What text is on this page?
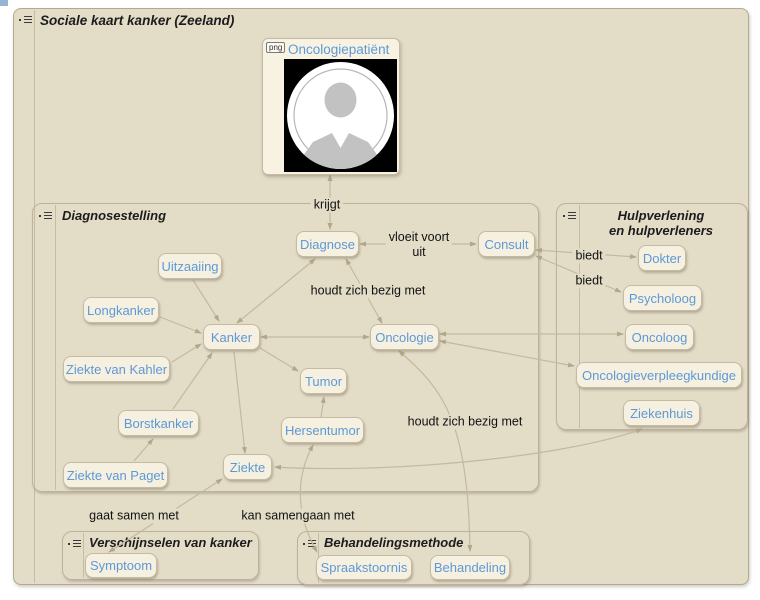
Sociale kaart kanker (Zeeland)
Diagnosestelling	Hulpverlening
en hulpverleners
Verschijnselen van kanker	Behandelingsmethode
png Oncologiepatiënt
Diagnose	Consult
Uitzaaiing
Longkanker
Kanker
Ziekte van Kahler
Borstkanker
Ziekte van Paget
Tumor
Hersentumor
Ziekte
Oncologie
Dokter
Psycholoog
Oncoloog
Oncologieverpleegkundige
Ziekenhuis
Symptoom	Spraakstoornis	Behandeling
krijgt
vloeit voort
uit
houdt zich bezig met
houdt zich bezig met
biedt
biedt
gaat samen met	kan samengaan met
